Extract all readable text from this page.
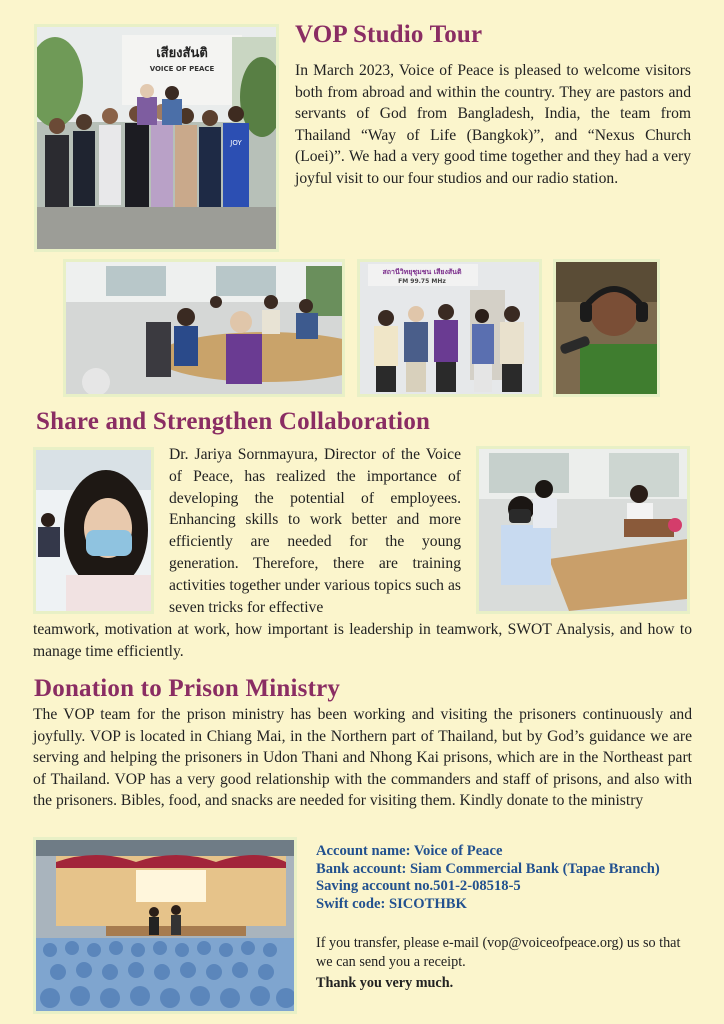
เสียงสันติ
VOICE OF PEACE
JOY
VOP Studio Tour

In March 2023, Voice of Peace is pleased to welcome visitors both from abroad and within the country. They are pastors and servants of God from Bangladesh, India, the team from Thailand “Way of Life (Bangkok)”, and “Nexus Church (Loei)”. We had a very good time together and they had a very joyful visit to our four studios and our radio station.

สถานีวิทยุชุมชน เสียงสันติ
FM 99.75 MHz
Share and Strengthen Collaboration
Dr. Jariya Sornmayura, Director of the Voice of Peace, has realized the importance of developing the potential of employees. Enhancing skills to work better and more efficiently are needed for the young generation. Therefore, there are training activities together under various topics such as seven tricks for effective
teamwork, motivation at work, how important is leadership in teamwork, SWOT Analysis, and how to manage time efficiently.
Donation to Prison Ministry

The VOP team for the prison ministry has been working and visiting the prisoners continuously and joyfully. VOP is located in Chiang Mai, in the Northern part of Thailand, but by God’s guidance we are serving and helping the prisoners in Udon Thani and Nhong Kai prisons, which are in the Northeast part of Thailand. VOP has a very good relationship with the commanders and staff of prisons, and also with the prisoners. Bibles, food, and snacks are needed for visiting them. Kindly donate to the ministry

Account name: Voice of Peace
Bank account: Siam Commercial Bank (Tapae Branch)
Saving account no.501-2-08518-5
Swift code: SICOTHBK
If you transfer, please e-mail (vop@voiceofpeace.org) us so that we can send you a receipt.
Thank you very much.
